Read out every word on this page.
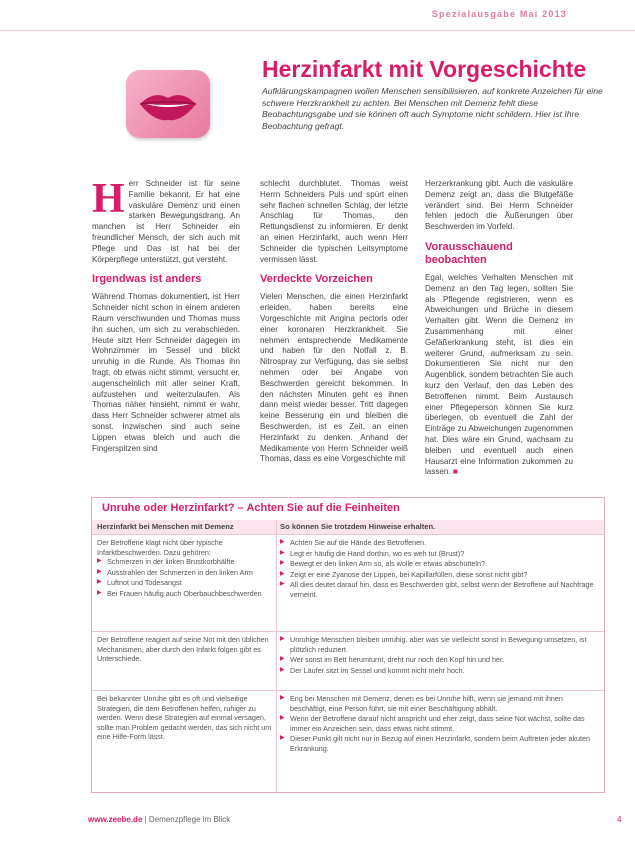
Spezialausgabe Mai 2013
Herzinfarkt mit Vorgeschichte
Aufklärungskampagnen wollen Menschen sensibilisieren, auf konkrete Anzeichen für eine schwere Herzkrankheit zu achten. Bei Menschen mit Demenz fehlt diese Beobachtungsgabe und sie können oft auch Symptome nicht schildern. Hier ist Ihre Beobachtung gefragt.

Herr Schneider ist für seine Familie bekannt. Er hat eine vaskuläre Demenz und einen starken Bewegungsdrang. An manchen ist Herr Schneider ein freundlicher Mensch, der sich auch mit Pflege und Das ist hat bei der Körperpflege unterstützt, gut versteht.

Irgendwas ist anders

Während Thomas dokumentiert, ist Herr Schneider nicht schon in einem anderen Raum verschwunden und Thomas muss ihn suchen, um sich zu verabschieden. Heute sitzt Herr Schneider dagegen im Wohnzimmer im Sessel und blickt unruhig in die Runde. Als Thomas ihn fragt, ob etwas nicht stimmt, versucht er, augenscheinlich mit aller seiner Kraft, aufzustehen und weiterzulaufen. Als Thomas näher hinsieht, nimmt er wahr, dass Herr Schneider schwerer atmet als sonst. Inzwischen sind auch seine Lippen etwas bleich und auch die Fingerspitzen sind

schlecht durchblutet. Thomas weist Herrn Schneiders Puls und spürt einen sehr flachen schnellen Schlag, der letzte Anschlag für Thomas, den Rettungsdienst zu informieren. Er denkt an einen Herzinfarkt, auch wenn Herr Schneider die typischen Leitsymptome vermissen lässt.

Verdeckte Vorzeichen

Vielen Menschen, die einen Herzinfarkt erleiden, haben bereits eine Vorgeschichte mit Angina pectoris oder einer koronaren Herzkrankheit. Sie nehmen entsprechende Medikamente und haben für den Notfall z. B. Nitrospray zur Verfügung, das sie selbst nehmen oder bei Angabe von Beschwerden gereicht bekommen. In den nächsten Minuten geht es ihnen dann meist wieder besser. Tritt dagegen keine Besserung ein und bleiben die Beschwerden, ist es Zeit, an einen Herzinfarkt zu denken. Anhand der Medikamente von Herrn Schneider weiß Thomas, dass es eine Vorgeschichte mit

Herzerkrankung gibt. Auch die vaskuläre Demenz zeigt an, dass die Blutgefäße verändert sind. Bei Herrn Schneider fehlen jedoch die Äußerungen über Beschwerden im Vorfeld.

Vorausschauend beobachten

Egal, welches Verhalten Menschen mit Demenz an den Tag legen, sollten Sie als Pflegende registrieren, wenn es Abweichungen und Brüche in diesem Verhalten gibt. Wenn die Demenz im Zusammenhang mit einer Gefäßerkrankung steht, ist dies ein weiterer Grund, aufmerksam zu sein. Dokumentieren Sie nicht nur den Augenblick, sondern betrachten Sie auch kurz den Verlauf, den das Leben des Betroffenen nimmt. Beim Austausch einer Pflegeperson können Sie kurz überlegen, ob eventuell die Zahl der Einträge zu Abweichungen zugenommen hat. Dies wäre ein Grund, wachsam zu bleiben und eventuell auch einen Hausarzt eine Information zukommen zu lassen. ■

Unruhe oder Herzinfarkt? – Achten Sie auf die Feinheiten
Herzinfarkt bei Menschen mit Demenz	So können Sie trotzdem Hinweise erhalten.
Der Betroffene klagt nicht über typische Infarktbeschwerden. Dazu gehören:
▶ Schmerzen in der linken Brustkorbhälfte
▶ Ausstrahlen der Schmerzen in den linken Arm
▶ Luftnot und Todesangst
▶ Bei Frauen häufig auch Oberbauchbeschwerden
▶ Achten Sie auf die Hände des Betroffenen.
▶ Legt er häufig die Hand dorthin, wo es weh tut (Brust)?
▶ Bewegt er den linken Arm so, als wolle er etwas abschütteln?
▶ Zeigt er eine Zyanose der Lippen, bei Kapillarfüllen, diese sonst nicht gibt?
▶ All dies deutet darauf hin, dass es Beschwerden gibt, selbst wenn der Betroffene auf Nachfrage verneint.
Der Betroffene reagiert auf seine Not mit den üblichen Mechanismen, aber durch den Infarkt folgen gibt es Unterschiede.
▶ Unruhige Menschen bleiben unruhig, aber was sie vielleicht sonst in Bewegung umsetzen, ist plötzlich reduziert.
▶ Wer sonst im Bett herumturnt, dreht nur noch den Kopf hin und her.
▶ Der Läufer sitzt im Sessel und kommt nicht mehr hoch.
Bei bekannter Unruhe gibt es oft und vielseitige Strategien, die dem Betroffenen helfen, ruhiger zu werden. Wenn diese Strategien auf einmal versagen, sollte man Problem gedacht werden, das sich nicht um eine Hilfe-Form lässt.
▶ Eng bei Menschen mit Demenz, denen es bei Unruhe hilft, wenn sie jemand mit ihnen beschäftigt, eine Person führt, sie mit einer Beschäftigung abhält.
▶ Wenn der Betroffene darauf nicht anspricht und eher zeigt, dass seine Not wächst, sollte das immer ein Anzeichen sein, dass etwas nicht stimmt.
▶ Dieser Punkt gilt nicht nur in Bezug auf einen Herzinfarkt, sondern beim Auftreten jeder akuten Erkrankung.
www.zeebe.de | Demenzpflege im Blick	4
